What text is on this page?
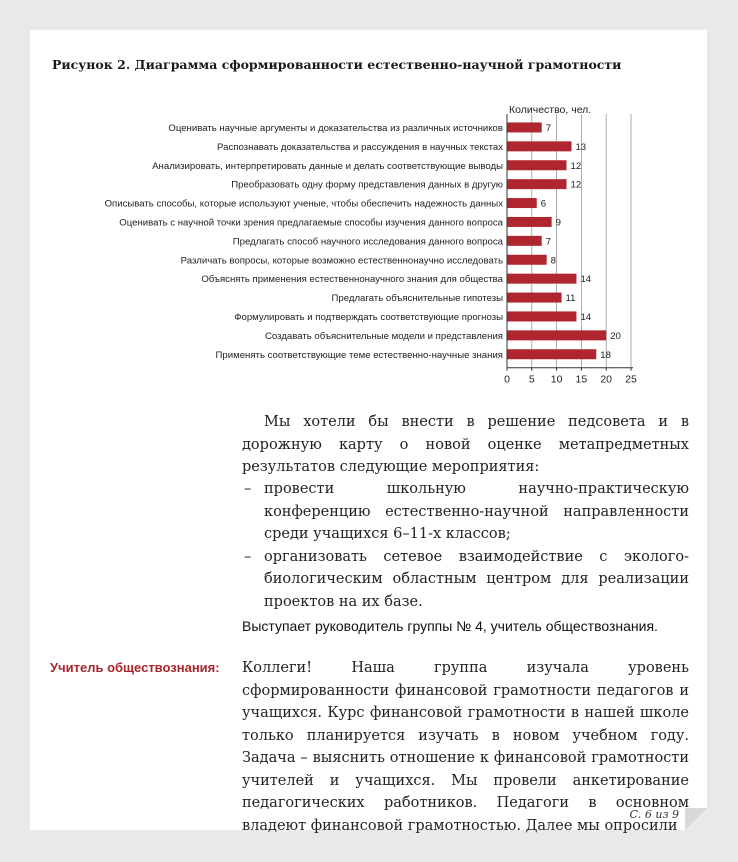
Рисунок 2. Диаграмма сформированности естественно-научной грамотности
Количество, чел.
Оценивать научные аргументы и доказательства из различных источников	7
Распознавать доказательства и рассуждения в научных текстах	13
Анализировать, интерпретировать данные и делать соответствующие выводы	12
Преобразовать одну форму представления данных в другую	12
Описывать способы, которые используют ученые, чтобы обеспечить надежность данных	6
Оценивать с научной точки зрения предлагаемые способы изучения данного вопроса	9
Предлагать способ научного исследования данного вопроса	7
Различать вопросы, которые возможно естественнонаучно исследовать	8
Объяснять применения естественнонаучного знания для общества	14
Предлагать объяснительные гипотезы	11
Формулировать и подтверждать соответствующие прогнозы	14
Создавать объяснительные модели и представления	20
Применять соответствующие теме естественно-научные знания	18
0 5 10 15 20 25
Мы хотели бы внести в решение педсовета и в дорожную карту о новой оценке метапредметных результатов следующие мероприятия:
– провести школьную научно-практическую конференцию естественно-научной направленности среди учащихся 6–11-х классов;
– организовать сетевое взаимодействие с эколого-биологическим областным центром для реализации проектов на их базе.
Выступает руководитель группы № 4, учитель обществознания.
Учитель обществознания: Коллеги! Наша группа изучала уровень сформированности финансовой грамотности педагогов и учащихся. Курс финансовой грамотности в нашей школе только планируется изучать в новом учебном году. Задача – выяснить отношение к финансовой грамотности учителей и учащихся. Мы провели анкетирование педагогических работников. Педагоги в основном владеют финансовой грамотностью. Далее мы опросили
С. 6 из 9
